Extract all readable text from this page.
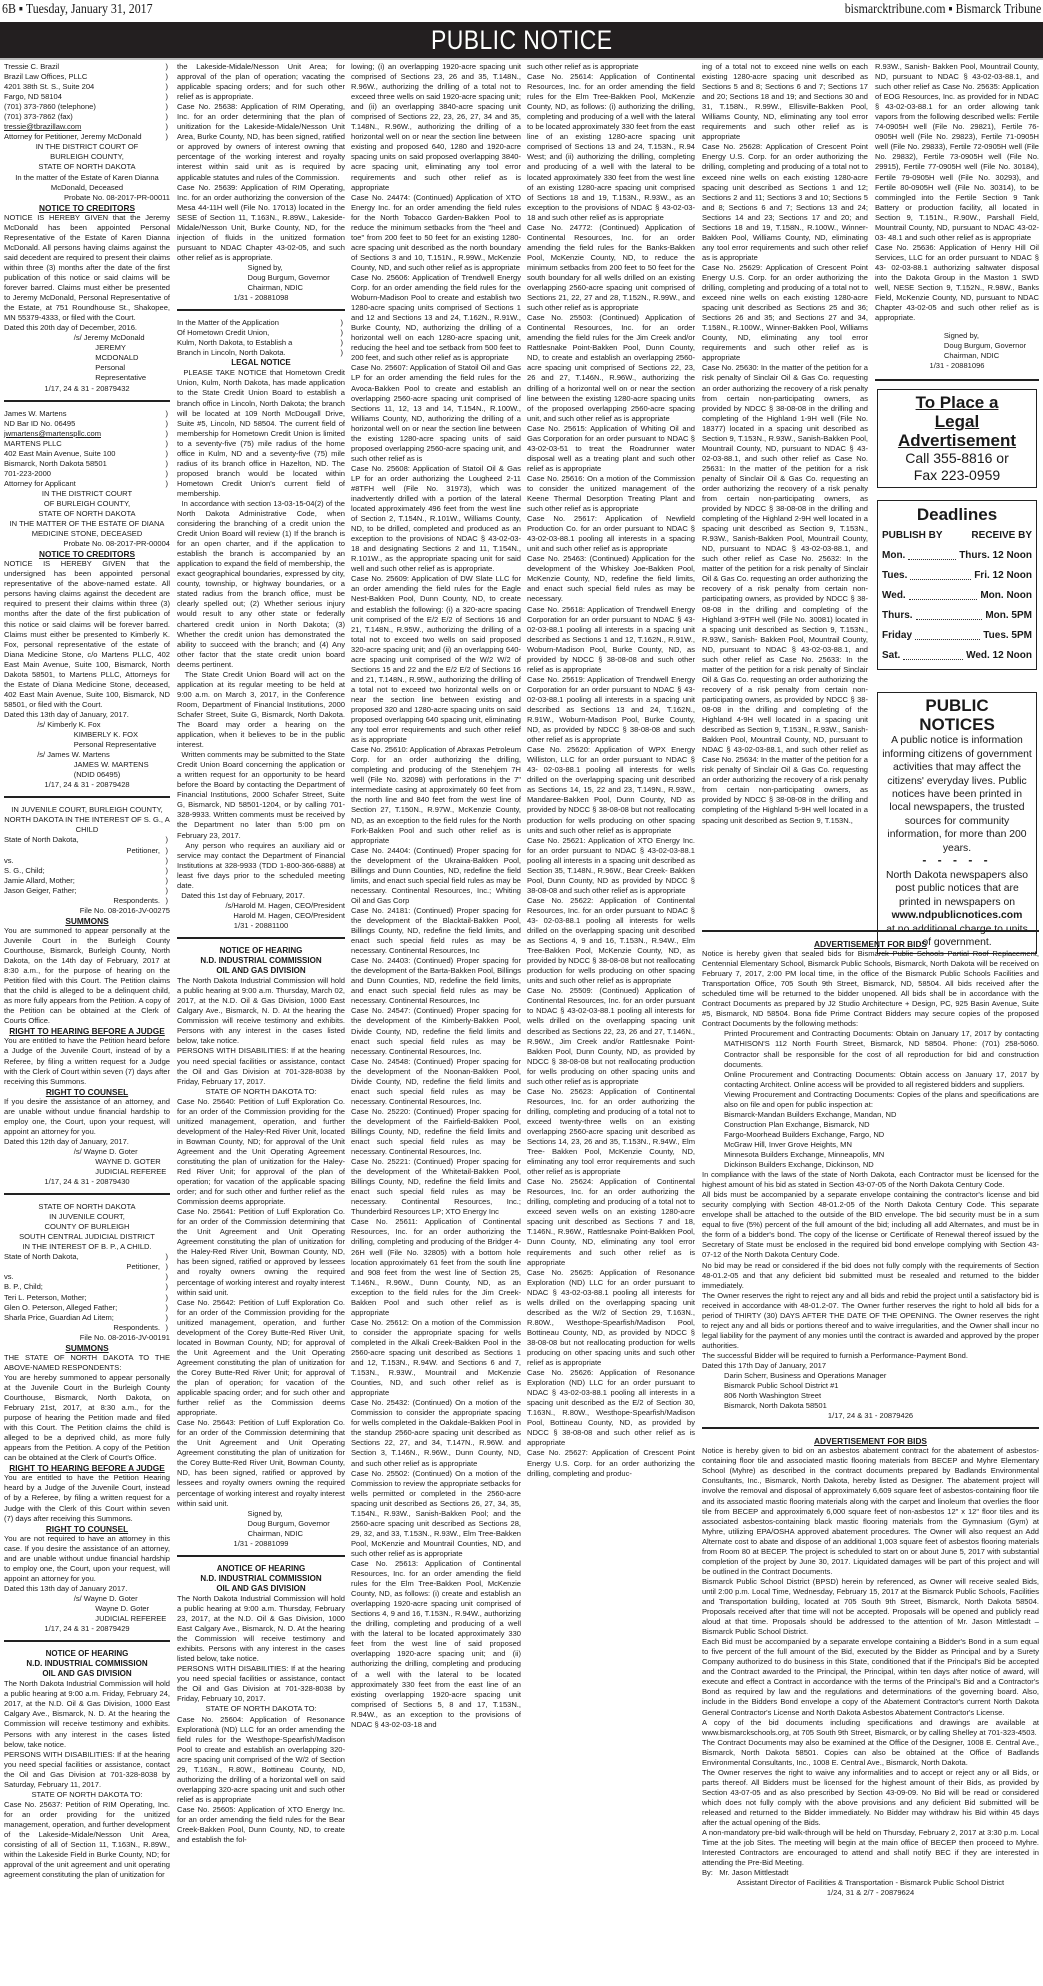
6B ▪ Tuesday, January 31, 2017	bismarcktribune.com ▪ Bismarck Tribune
PUBLIC NOTICE
Tressie C. Brazil )
Brazil Law Offices, PLLC )
4201 38th St. S., Suite 204 )
Fargo, ND 58104 )
(701) 373-7860 (telephone) )
(701) 373-7862 (fax) )
tressie@tbrazillaw.com )
Attorney for Petitioner, Jeremy McDonald )
IN THE DISTRICT COURT OF
BURLEIGH COUNTY,
STATE OF NORTH DAKOTA
In the matter of the Estate of Karen Dianna McDonald, Deceased
Probate No. 08-2017-PR-00011
NOTICE TO CREDITORS
NOTICE IS HEREBY GIVEN that the Jeremy McDonald has been appointed Personal Representative of the Estate of Karen Dianna McDonald. All persons having claims against the said decedent are required to present their claims within three (3) months after the date of the first publication of this notice or said claims will be forever barred. Claims must either be presented to Jeremy McDonald, Personal Representative of the Estate, at 751 Roundhouse St., Shakopee, MN 55379-4333, or filed with the Court.
Dated this 20th day of December, 2016.
/s/ Jeremy McDonald
JEREMY MCDONALD
Personal Representative
1/17, 24 & 31 - 20879432
James W. Martens )
ND Bar ID No. 06495 )
jwmartens@martenspllc.com )
MARTENS PLLC )
402 East Main Avenue, Suite 100 )
Bismarck, North Dakota 58501 )
701-223-2000 )
Attorney for Applicant )
IN THE DISTRICT COURT
OF BURLEIGH COUNTY,
STATE OF NORTH DAKOTA
IN THE MATTER OF THE ESTATE OF DIANA MEDICINE STONE, DECEASED
Probate No. 08-2017-PR-00004
NOTICE TO CREDITORS
NOTICE IS HEREBY GIVEN that the undersigned has been appointed personal representative of the above-named estate. All persons having claims against the decedent are required to present their claims within three (3) months after the date of the first publication of this notice or said claims will be forever barred. Claims must either be presented to Kimberly K. Fox, personal representative of the estate of Diana Medicine Stone, c/o Martens PLLC, 402 East Main Avenue, Suite 100, Bismarck, North Dakota 58501, to Martens PLLC, Attorneys for the Estate of Diana Medicine Stone, deceased, 402 East Main Avenue, Suite 100, Bismarck, ND 58501, or filed with the Court.
Dated this 13th day of January, 2017.
/s/ Kimberly K. Fox
KIMBERLY K. FOX
Personal Representative
/s/ James W. Martens
JAMES W. MARTENS (NDID 06495)
1/17, 24 & 31 - 20879428
IN JUVENILE COURT, BURLEIGH COUNTY, NORTH DAKOTA IN THE INTEREST OF S. G., A CHILD
State of North Dakota, )
Petitioner, )
vs. )
S. G., Child; )
Jamie Allard, Mother; )
Jason Geiger, Father; )
Respondents. )
File No. 08-2016-JV-00275
SUMMONS
You are summoned to appear personally at the Juvenile Court in the Burleigh County Courthouse, Bismarck, Burleigh County, North Dakota, on the 14th day of February, 2017 at 8:30 a.m., for the purpose of hearing on the Petition filed with this Court. The Petition claims that the child is alleged to be a delinquent child, as more fully appears from the Petition. A copy of the Petition can be obtained at the Clerk of Courts Office.
RIGHT TO HEARING BEFORE A JUDGE
You are entitled to have the Petition heard before a Judge of the Juvenile Court, instead of by a Referee, by filing a written request for a Judge with the Clerk of Court within seven (7) days after receiving this Summons.
RIGHT TO COUNSEL
If you desire the assistance of an attorney, and are unable without undue financial hardship to employ one, the Court, upon your request, will appoint an attorney for you.
Dated this 12th day of January, 2017.
/s/ Wayne D. Goter
WAYNE D. GOTER
JUDICIAL REFEREE
1/17, 24 & 31 - 20879430
STATE OF NORTH DAKOTA
IN JUVENILE COURT,
COUNTY OF BURLEIGH
SOUTH CENTRAL JUDICIAL DISTRICT
IN THE INTEREST OF B. P., A CHILD.
State of North Dakota, )
Petitioner, )
vs. )
B. P., Child; )
Teri L. Peterson, Mother; )
Glen O. Peterson, Alleged Father; )
Sharla Price, Guardian Ad Litem; )
Respondents. )
File No. 08-2016-JV-00191
SUMMONS
THE STATE OF NORTH DAKOTA TO THE ABOVE-NAMED RESPONDENTS:
You are hereby summoned to appear personally at the Juvenile Court in the Burleigh County Courthouse, Bismarck, North Dakota, on February 21st, 2017, at 8:30 a.m., for the purpose of hearing the Petition made and filed with this Court. The Petition claims the child is alleged to be a deprived child, as more fully appears from the Petition. A copy of the Petition can be obtained at the Clerk of Court's Office.
RIGHT TO HEARING BEFORE A JUDGE
You are entitled to have the Petition Hearing heard by a Judge of the Juvenile Court, instead of by a Referee, by filing a written request for a Judge with the Clerk of this Court within seven (7) days after receiving this Summons.
RIGHT TO COUNSEL
You are not required to have an attorney in this case. If you desire the assistance of an attorney, and are unable without undue financial hardship to employ one, the Court, upon your request, will appoint an attorney for you.
Dated this 13th day of January 2017.
/s/ Wayne D. Goter
Wayne D. Goter
JUDICIAL REFEREE
1/17, 24 & 31 - 20879429
NOTICE OF HEARING
N.D. INDUSTRIAL COMMISSION
OIL AND GAS DIVISION
The North Dakota Industrial Commission will hold a public hearing at 9:00 a.m. Friday, February 24, 2017, at the N.D. Oil & Gas Division, 1000 East Calgary Ave., Bismarck, N. D. At the hearing the Commission will receive testimony and exhibits. Persons with any interest in the cases listed below, take notice.
PERSONS WITH DISABILITIES: If at the hearing you need special facilities or assistance, contact the Oil and Gas Division at 701-328-8038 by Saturday, February 11, 2017.
STATE OF NORTH DAKOTA TO:
Case No. 25637: Petition of RIM Operating, Inc. for an order providing for the unitized management, operation, and further development of the Lakeside-Midale/Nesson Unit Area, consisting of all of Section 11, T.163N., R.89W., within the Lakeside Field in Burke County, ND; for approval of the unit agreement and unit operating agreement constituting the plan of unitization for
the Lakeside-Midale/Nesson Unit Area; for approval of the plan of operation; vacating the applicable spacing orders; and for such other relief as is appropriate.
Case No. 25638: Application of RIM Operating, Inc. for an order determining that the plan of unitization for the Lakeside-Midale/Nesson Unit Area, Burke County, ND, has been signed, ratified or approved by owners of interest owning that percentage of the working interest and royalty interest within said unit as is required by applicable statutes and rules of the Commission.
Case No. 25639: Application of RIM Operating, Inc. for an order authorizing the conversion of the Mesa 44-11H well (File No. 17013) located in the SESE of Section 11, T.163N., R.89W., Lakeside-Midale/Nesson Unit, Burke County, ND, for the injection of fluids in the unitized formation pursuant to NDAC Chapter 43-02-05, and such other relief as is appropriate.
Signed by,
Doug Burgum, Governor
Chairman, NDIC
1/31 - 20881098
In the Matter of the Application )
Of Hometown Credit Union, )
Kulm, North Dakota, to Establish a )
Branch in Lincoln, North Dakota. )
LEGAL NOTICE
PLEASE TAKE NOTICE that Hometown Credit Union, Kulm, North Dakota, has made application to the State Credit Union Board to establish a branch office in Lincoln, North Dakota; the branch will be located at 109 North McDougall Drive, Suite #5, Lincoln, ND 58504. The current field of membership for Hometown Credit Union is limited to a seventy-five (75) mile radius of the home office in Kulm, ND and a seventy-five (75) mile radius of its branch office in Hazelton, ND. The proposed branch would be located within Hometown Credit Union's current field of membership.
In accordance with section 13-03-15-04(2) of the North Dakota Administrative Code, when considering the branching of a credit union the Credit Union Board will review (1) If the branch is for an open charter, and if the application to establish the branch is accompanied by an application to expand the field of membership, the exact geographical boundaries, expressed by city, county, township, or highway boundaries, or a stated radius from the branch office, must be clearly spelled out; (2) Whether serious injury would result to any other state or federally chartered credit union in North Dakota; (3) Whether the credit union has demonstrated the ability to succeed with the branch; and (4) Any other factor that the state credit union board deems pertinent.
The State Credit Union Board will act on the application at its regular meeting to be held at 9:00 a.m. on March 3, 2017, in the Conference Room, Department of Financial Institutions, 2000 Schafer Street, Suite G, Bismarck, North Dakota. The Board may order a hearing on the application, when it believes to be in the public interest.
Written comments may be submitted to the State Credit Union Board concerning the application or a written request for an opportunity to be heard before the Board by contacting the Department of Financial Institutions, 2000 Schafer Street, Suite G, Bismarck, ND 58501-1204, or by calling 701-328-9933. Written comments must be received by the Department no later than 5:00 pm on February 23, 2017.
Any person who requires an auxiliary aid or service may contact the Department of Financial Institutions at 328-9933 (TDD 1-800-366-6888) at least five days prior to the scheduled meeting date.
Dated this 1st day of February, 2017.
/s/Harold M. Hagen, CEO/President
Harold M. Hagen, CEO/President
1/31 - 20881100
NOTICE OF HEARING
N.D. INDUSTRIAL COMMISSION
OIL AND GAS DIVISION
The North Dakota Industrial Commission will hold a public hearing at 9:00 a.m. Thursday, March 02, 2017, at the N.D. Oil & Gas Division, 1000 East Calgary Ave., Bismarck, N. D. At the hearing the Commission will receive testimony and exhibits. Persons with any interest in the cases listed below, take notice.
PERSONS WITH DISABILITIES: If at the hearing you need special facilities or assistance, contact the Oil and Gas Division at 701-328-8038 by Friday, February 17, 2017.
STATE OF NORTH DAKOTA TO:
Case No. 25640: Petition of Luff Exploration Co. for an order of the Commission providing for the unitized management, operation, and further development of the Haley-Red River Unit, located in Bowman County, ND; for approval of the Unit Agreement and the Unit Operating Agreement constituting the plan of unitization for the Haley-Red River Unit; for approval of the plan of operation; for vacation of the applicable spacing order; and for such other and further relief as the Commission deems appropriate.
Case No. 25641: Petition of Luff Exploration Co. for an order of the Commission determining that the Unit Agreement and Unit Operating Agreement constituting the plan of unitization for the Haley-Red River Unit, Bowman County, ND, has been signed, ratified or approved by lessees and royalty owners owning the required percentage of working interest and royalty interest within said unit.
Case No. 25642: Petition of Luff Exploration Co. for an order of the Commission providing for the unitized management, operation, and further development of the Corey Butte-Red River Unit, located in Bowman County, ND; for approval of the Unit Agreement and the Unit Operating Agreement constituting the plan of unitization for the Corey Butte-Red River Unit; for approval of the plan of operation; for vacation of the applicable spacing order; and for such other and further relief as the Commission deems appropriate.
Case No. 25643: Petition of Luff Exploration Co. for an order of the Commission determining that the Unit Agreement and Unit Operating Agreement constituting the plan of unitization for the Corey Butte-Red River Unit, Bowman County, ND, has been signed, ratified or approved by lessees and royalty owners owning the required percentage of working interest and royalty interest within said unit.
Signed by,
Doug Burgum, Governor
Chairman, NDIC
1/31 - 20881099
ANOTICE OF HEARING
N.D. INDUSTRIAL COMMISSION
OIL AND GAS DIVISION
The North Dakota Industrial Commission will hold a public hearing at 9:00 a.m. Thursday, February 23, 2017, at the N.D. Oil & Gas Division, 1000 East Calgary Ave., Bismarck, N. D. At the hearing the Commission will receive testimony and exhibits. Persons with any interest in the cases listed below, take notice.
PERSONS WITH DISABILITIES: If at the hearing you need special facilities or assistance, contact the Oil and Gas Division at 701-328-8038 by Friday, February 10, 2017.
STATE OF NORTH DAKOTA TO:
Case No. 25604: Application of Resonance Explorationà (ND) LLC for an order amending the field rules for the Westhope-Spearfish/Madison Pool to create and establish an overlapping 320-acre spacing unit comprised of the W/2 of Section 29, T.163N., R.80W., Bottineau County, ND, authorizing the drilling of a horizontal well on said overlapping 320-acre spacing unit and such other relief as is appropriate
Case No. 25605: Application of XTO Energy Inc. for an order amending the field rules for the Bear Creek-Bakken Pool, Dunn County, ND, to create and establish the fol-
lowing; (i) an overlapping 1920-acre spacing unit comprised of Sections 23, 26 and 35, T.148N., R.96W., authorizing the drilling of a total not to exceed three wells on said 1920-acre spacing unit; and (ii) an overlapping 3840-acre spacing unit comprised of Sections 22, 23, 26, 27, 34 and 35, T.148N., R.96W., authorizing the drilling of a horizontal well on or near the section line between existing and proposed 640, 1280 and 1920-acre spacing units on said proposed overlapping 3840-acre spacing unit, eliminating any tool error requirements and such other relief as is appropriate
Case No. 24474: (Continued) Application of XTO Energy Inc. for an order amending the field rules for the North Tobacco Garden-Bakken Pool to reduce the minimum setbacks from the "heel and toe" from 200 feet to 50 feet for an existing 1280-acre spacing unit described as the north boundary of Sections 3 and 10, T.151N., R.99W., McKenzie County, ND, and such other relief as is appropriate
Case No. 25606: Application of Trendwell Energy Corp. for an order amending the field rules for the Woburn-Madison Pool to create and establish two 1280-acre spacing units comprised of Sections 1 and 12 and Sections 13 and 24, T.162N., R.91W., Burke County, ND, authorizing the drilling of a horizontal well on each 1280-acre spacing unit, reducing the heel and toe setback from 500 feet to 200 feet, and such other relief as is appropriate
Case No. 25607: Application of Statoil Oil and Gas LP for an order amending the field rules for the Avoca-Bakken Pool to create and establish an overlapping 2560-acre spacing unit comprised of Sections 11, 12, 13 and 14, T.154N., R.100W., Williams County, ND, authorizing the drilling of a horizontal well on or near the section line between the existing 1280-acre spacing units of said proposed overlapping 2560-acre spacing unit, and such other relief as is
Case No. 25608: Application of Statoil Oil & Gas LP for an order authorizing the Lougheed 2-11 #8TFH well (File No. 31973), which was inadvertently drilled with a portion of the lateral located approximately 496 feet from the west line of Section 2, T.154N., R.101W., Williams County, ND, to be drilled, completed and produced as an exception to the provisions of NDAC § 43-02-03-18 and designating Sections 2 and 11, T.154N., R.101W., as the appropriate spacing unit for said well and such other relief as is appropriate.
Case No. 25609: Application of DW Slate LLC for an order amending the field rules for the Eagle Nest-Bakken Pool, Dunn County, ND, to create and establish the following: (i) a 320-acre spacing unit comprised of the E/2 E/2 of Sections 16 and 21, T.148N., R.95W., authorizing the drilling of a total not to exceed two wells on said proposed 320-acre spacing unit; and (ii) an overlapping 640-acre spacing unit comprised of the W/2 W/2 of Sections 15 and 22 and the E/2 E/2 of Sections 16 and 21, T.148N., R.95W., authorizing the drilling of a total not to exceed two horizontal wells on or near the section line between existing and proposed 320 and 1280-acre spacing units on said proposed overlapping 640 spacing unit, eliminating any tool error requirements and such other relief as is appropriate
Case No. 25610: Application of Abraxas Petroleum Corp. for an order authorizing the drilling, completing and producing of the Stenehjem 7H well (File No. 32098) with perforations in the 7" intermediate casing at approximately 60 feet from the north line and 840 feet from the west line of Section 27, T.150N., R.97W., McKenzie County, ND, as an exception to the field rules for the North Fork-Bakken Pool and such other relief as is appropriate
Case No. 24404: (Continued) Proper spacing for the development of the Ukraina-Bakken Pool, Billings and Dunn Counties, ND, redefine the field limits, and enact such special field rules as may be necessary. Continental Resources, Inc.; Whiting Oil and Gas Corp
Case No. 24181: (Continued) Proper spacing for the development of the Blacktail-Bakken Pool, Billings County, ND, redefine the field limits, and enact such special field rules as may be necessary. Continental Resources, Inc
Case No. 24403: (Continued) Proper spacing for the development of the Barta-Bakken Pool, Billings and Dunn Counties, ND, redefine the field limits, and enact such special field rules as may be necessary. Continental Resources, Inc
Case No. 24547: (Continued) Proper spacing for the development of the Kimberly-Bakken Pool, Divide County, ND, redefine the field limits and enact such special field rules as may be necessary. Continental Resources, Inc.
Case No. 24548: (Continued) Proper spacing for the development of the Noonan-Bakken Pool, Divide County, ND, redefine the field limits and enact such special field rules as may be necessary. Continental Resources, Inc.
Case No. 25220: (Continued) Proper spacing for the development of the Fairfield-Bakken Pool, Billings County, ND, redefine the field limits and enact such special field rules as may be necessary. Continental Resources, Inc.
Case No. 25221: (Continued) Proper spacing for the development of the Whitetail-Bakken Pool, Billings County, ND, redefine the field limits and enact such special field rules as may be necessary. Continental Resources, Inc.; Thunderbird Resources LP; XTO Energy Inc
Case No. 25611: Application of Continental Resources, Inc. for an order authorizing the drilling, completing and producing of the Bridger 4-26H well (File No. 32805) with a bottom hole location approximately 61 feet from the south line and 908 feet from the west line of Section 25, T.146N., R.96W., Dunn County, ND, as an exception to the field rules for the Jim Creek-Bakken Pool and such other relief as is appropriate
Case No. 25612: On a motion of the Commission to consider the appropriate spacing for wells completed in the Alkali Creek-Bakken Pool in the 2560-acre spacing unit described as Sections 1 and 12, T.153N., R.94W. and Sections 6 and 7, T.153N., R.93W., Mountrail and McKenzie Counties, ND, and such other relief as is appropriate
Case No. 25432: (Continued) On a motion of the Commission to consider the appropriate spacing for wells completed in the Oakdale-Bakken Pool in the standup 2560-acre spacing unit described as Sections 22, 27, and 34, T.147N., R.96W. and Section 3, T.146N., R.96W., Dunn County, ND, and such other relief as is appropriate
Case No. 25502: (Continued) On a motion of the Commission to review the appropriate setbacks for wells permitted or completed in the 2560-acre spacing unit described as Sections 26, 27, 34, 35, T.154N., R.93W., Sanish-Bakken Pool; and the 2560-acre spacing unit described as Sections 28, 29, 32, and 33, T.153N., R.93W., Elm Tree-Bakken Pool, McKenzie and Mountrail Counties, ND, and such other relief as is appropriate
Case No. 25613: Application of Continental Resources, Inc. for an order amending the field rules for the Elm Tree-Bakken Pool, McKenzie County, ND, as follows: (i) create and establish an overlapping 1920-acre spacing unit comprised of Sections 4, 9 and 16, T.153N., R.94W., authorizing the drilling, completing and producing of a well with the lateral to be located approximately 330 feet from the west line of said proposed overlapping 1920-acre spacing unit; and (ii) authorizing the drilling, completing and producing of a well with the lateral to be located approximately 330 feet from the east line of an existing overlapping 1920-acre spacing unit comprised of Sections 5, 8 and 17, T.153N., R.94W., as an exception to the provisions of NDAC § 43-02-03-18 and
such other relief as is appropriate
Case No. 25614: Application of Continental Resources, Inc. for an order amending the field rules for the Elm Tree-Bakken Pool, McKenzie County, ND, as follows: (i) authorizing the drilling, completing and producing of a well with the lateral to be located approximately 330 feet from the east line of an existing 1280-acre spacing unit comprised of Sections 13 and 24, T.153N., R.94 West; and (ii) authorizing the drilling, completing and producing of a well with the lateral to be located approximately 330 feet from the west line of an existing 1280-acre spacing unit comprised of Sections 18 and 19, T.153N., R.93W., as an exception to the provisions of NDAC § 43-02-03-18 and such other relief as is appropriate
Case No. 24772: (Continued) Application of Continental Resources, Inc. for an order amending the field rules for the Banks-Bakken Pool, McKenzie County, ND, to reduce the minimum setbacks from 200 feet to 50 feet for the south boundary for all wells drilled on an existing overlapping 2560-acre spacing unit comprised of Sections 21, 22, 27 and 28, T.152N., R.99W., and such other relief as is appropriate
Case No. 25503: (Continued) Application of Continental Resources, Inc. for an order amending the field rules for the Jim Creek and/or Rattlesnake Point-Bakken Pool, Dunn County, ND, to create and establish an overlapping 2560-acre spacing unit comprised of Sections 22, 23, 26 and 27, T.146N., R.96W., authorizing the drilling of a horizontal well on or near the section line between the existing 1280-acre spacing units of the proposed overlapping 2560-acre spacing unit, and such other relief as is appropriate
Case No. 25615: Application of Whiting Oil and Gas Corporation for an order pursuant to NDAC § 43-02-03-51 to treat the Roadrunner water disposal well as a treating plant and such other relief as is appropriate
Case No. 25616: On a motion of the Commission to consider the unitized management of the Keene Thermal Desorption Treating Plant and such other relief as is appropriate
Case No. 25617: Application of Newfield Production Co. for an order pursuant to NDAC § 43-02-03-88.1 pooling all interests in a spacing unit and such other relief as is appropriate
Case No. 25463: (Continued) Application for the development of the Whiskey Joe-Bakken Pool, McKenzie County, ND, redefine the field limits, and enact such special field rules as may be necessary.
Case No. 25618: Application of Trendwell Energy Corporation for an order pursuant to NDAC § 43-02-03-88.1 pooling all interests in a spacing unit described as Sections 1 and 12, T.162N., R.91W., Woburn-Madison Pool, Burke County, ND, as provided by NDCC § 38-08-08 and such other relief as is appropriate
Case No. 25619: Application of Trendwell Energy Corporation for an order pursuant to NDAC § 43-02-03-88.1 pooling all interests in a spacing unit described as Sections 13 and 24, T.162N., R.91W., Woburn-Madison Pool, Burke County, ND, as provided by NDCC § 38-08-08 and such other relief as is appropriate
Case No. 25620: Application of WPX Energy Williston, LLC for an order pursuant to NDAC § 43- 02-03-88.1 pooling all interests for wells drilled on the overlapping spacing unit described as Sections 14, 15, 22 and 23, T.149N., R.93W., Mandaree-Bakken Pool, Dunn County, ND as provided by NDCC § 38-08-08 but not reallocating production for wells producing on other spacing units and such other relief as is appropriate
Case No. 25621: Application of XTO Energy Inc. for an order pursuant to NDAC § 43-02-03-88.1 pooling all interests in a spacing unit described as Section 35, T.148N., R.96W., Bear Creek- Bakken Pool, Dunn County, ND as provided by NDCC § 38-08-08 and such other relief as is appropriate
Case No. 25622: Application of Continental Resources, Inc. for an order pursuant to NDAC § 43- 02-03-88.1 pooling all interests for wells drilled on the overlapping spacing unit described as Sections 4, 9 and 16, T.153N., R.94W., Elm Tree-Bakken Pool, McKenzie County, ND, as provided by NDCC § 38-08-08 but not reallocating production for wells producing on other spacing units and such other relief as is appropriate
Case No. 25509: (Continued) Application of Continental Resources, Inc. for an order pursuant to NDAC § 43-02-03-88.1 pooling all interests for wells drilled on the overlapping spacing unit described as Sections 22, 23, 26 and 27, T.146N., R.96W., Jim Creek and/or Rattlesnake Point- Bakken Pool, Dunn County, ND, as provided by NDCC § 38-08-08 but not reallocating production for wells producing on other spacing units and such other relief as is appropriate
Case No. 25623: Application of Continental Resources, Inc. for an order authorizing the drilling, completing and producing of a total not to exceed twenty-three wells on an existing overlapping 2560-acre spacing unit described as Sections 14, 23, 26 and 35, T.153N., R.94W., Elm Tree- Bakken Pool, McKenzie County, ND, eliminating any tool error requirements and such other relief as is appropriate
Case No. 25624: Application of Continental Resources, Inc. for an order authorizing the drilling, completing and producing of a total not to exceed seven wells on an existing 1280-acre spacing unit described as Sections 7 and 18, T.146N., R.96W., Rattlesnake Point-Bakken Pool, Dunn County, ND, eliminating any tool error requirements and such other relief as is appropriate
Case No. 25625: Application of Resonance Exploration (ND) LLC for an order pursuant to NDAC § 43-02-03-88.1 pooling all interests for wells drilled on the overlapping spacing unit described as the W/2 of Section 29, T.163N., R.80W., Westhope-Spearfish/Madison Pool, Bottineau County, ND, as provided by NDCC § 38-08-08 but not reallocating production for wells producing on other spacing units and such other relief as is appropriate
Case No. 25626: Application of Resonance Exploration (ND) LLC for an order pursuant to NDAC § 43-02-03-88.1 pooling all interests in a spacing unit described as the E/2 of Section 30, T.163N., R.80W., Westhope-Spearfish/Madison Pool, Bottineau County, ND, as provided by NDCC § 38-08-08 and such other relief as is appropriate
Case No. 25627: Application of Crescent Point Energy U.S. Corp. for an order authorizing the drilling, completing and produc-
ing of a total not to exceed nine wells on each existing 1280-acre spacing unit described as Sections 5 and 8; Sections 6 and 7; Sections 17 and 20; Sections 18 and 19; and Sections 30 and 31, T.158N., R.99W., Ellisville-Bakken Pool, Williams County, ND, eliminating any tool error requirements and such other relief as is appropriate
Case No. 25628: Application of Crescent Point Energy U.S. Corp. for an order authorizing the drilling, completing and producing of a total not to exceed nine wells on each existing 1280-acre spacing unit described as Sections 1 and 12; Sections 2 and 11; Sections 3 and 10; Sections 5 and 8; Sections 6 and 7; Sections 13 and 24; Sections 14 and 23; Sections 17 and 20; and Sections 18 and 19, T.158N., R.100W., Winner-Bakken Pool, Williams County, ND, eliminating any tool error requirements and such other relief as is appropriate
Case No. 25629: Application of Crescent Point Energy U.S. Corp. for an order authorizing the drilling, completing and producing of a total not to exceed nine wells on each existing 1280-acre spacing unit described as Sections 25 and 36; Sections 26 and 35; and Sections 27 and 34, T.158N., R.100W., Winner-Bakken Pool, Williams County, ND, eliminating any tool error requirements and such other relief as is appropriate
Case No. 25630: In the matter of the petition for a risk penalty of Sinclair Oil & Gas Co. requesting an order authorizing the recovery of a risk penalty from certain non-participating owners, as provided by NDCC § 38-08-08 in the drilling and completing of the Highland 1-9H well (File No. 18377) located in a spacing unit described as Section 9, T.153N., R.93W., Sanish-Bakken Pool, Mountrail County, ND, pursuant to NDAC § 43-02-03-88.1, and such other relief as Case No. 25631: In the matter of the petition for a risk penalty of Sinclair Oil & Gas Co. requesting an order authorizing the recovery of a risk penalty from certain non-participating owners, as provided by NDCC § 38-08-08 in the drilling and completing of the Highland 2-9H well located in a spacing unit described as Section 9, T.153N., R.93W., Sanish-Bakken Pool, Mountrail County, ND, pursuant to NDAC § 43-02-03-88.1, and such other relief as Case No. 25632: In the matter of the petition for a risk penalty of Sinclair Oil & Gas Co. requesting an order authorizing the recovery of a risk penalty from certain non-participating owners, as provided by NDCC § 38-08-08 in the drilling and completing of the Highland 3-9TFH well (File No. 30081) located in a spacing unit described as Section 9, T.153N., R.93W., Sanish- Bakken Pool, Mountrail County, ND, pursuant to NDAC § 43-02-03-88.1, and such other relief as Case No. 25633: In the matter of the petition for a risk penalty of Sinclair Oil & Gas Co. requesting an order authorizing the recovery of a risk penalty from certain non-participating owners, as provided by NDCC § 38-08-08 in the drilling and completing of the Highland 4-9H well located in a spacing unit described as Section 9, T.153N., R.93W., Sanish-Bakken Pool, Mountrail County, ND, pursuant to NDAC § 43-02-03-88.1, and such other relief as Case No. 25634: In the matter of the petition for a risk penalty of Sinclair Oil & Gas Co. requesting an order authorizing the recovery of a risk penalty from certain non-participating owners, as provided by NDCC § 38-08-08 in the drilling and completing of the Highland 5-9H well located in a spacing unit described as Section 9, T.153N.,
R.93W., Sanish- Bakken Pool, Mountrail County, ND, pursuant to NDAC § 43-02-03-88.1, and such other relief as Case No. 25635: Application of EOG Resources, Inc. as provided for in NDAC § 43-02-03-88.1 for an order allowing tank vapors from the following described wells: Fertile 74-0905H well (File No. 29821), Fertile 76-0905H well (File No. 29823), Fertile 71-0905H well (File No. 29833), Fertile 72-0905H well (File No. 29832), Fertile 73-0905H well (File No. 29915), Fertile 77-0905H well (File No. 30184), Fertile 79-0905H well (File No. 30293), and Fertile 80-0905H well (File No. 30314), to be commingled into the Fertile Section 9 Tank Battery or production facility, all located in Section 9, T.151N., R.90W., Parshall Field, Mountrail County, ND, pursuant to NDAC 43-02-03- 48.1 and such other relief as is appropriate
Case No. 25636: Application of Henry Hill Oil Services, LLC for an order pursuant to NDAC § 43- 02-03-88.1 authorizing saltwater disposal into the Dakota Group in the Maston 1 SWD well, NESE Section 9, T.152N., R.98W., Banks Field, McKenzie County, ND, pursuant to NDAC Chapter 43-02-05 and such other relief as is appropriate.
Signed by,
Doug Burgum, Governor
Chairman, NDIC
1/31 - 20881096
To Place a
Legal Advertisement
Call 355-8816 or
Fax 223-0959
Deadlines
PUBLISH BY	RECEIVE BY
Mon.	Thurs. 12 Noon
Tues.	Fri. 12 Noon
Wed.	Mon. Noon
Thurs.	Mon. 5PM
Friday	Tues. 5PM
Sat.	Wed. 12 Noon
PUBLIC
NOTICES
A public notice is information informing citizens of government activities that may affect the citizens' everyday lives. Public notices have been printed in local newspapers, the trusted sources for community information, for more than 200 years.
- - - - -
North Dakota newspapers also post public notices that are printed in newspapers on
www.ndpublicnotices.com
at no additional charge to units of government.
ADVERTISEMENT FOR BIDS
Notice is hereby given that sealed bids for Bismarck Public Schools Partial Roof Replacement, Centennial Elementary School, Bismarck Public Schools, Bismarck, North Dakota will be received on February 7, 2017, 2:00 PM local time, in the office of the Bismarck Public Schools Facilities and Transportation Office, 705 South 9th Street, Bismarck, ND, 58504. All bids received after the scheduled time will be returned to the bidder unopened. All bids shall be in accordance with the Contract Documents as prepared by J2 Studio Architecture + Design, PC, 925 Basin Avenue, Suite #5, Bismarck, ND 58504. Bona fide Prime Contract Bidders may secure copies of the proposed Contract Documents by the following methods:
Printed Procurement and Contracting Documents: Obtain on January 17, 2017 by contacting MATHISON'S 112 North Fourth Street, Bismarck, ND 58504. Phone: (701) 258-5060. Contractor shall be responsible for the cost of all reproduction for bid and construction documents.
Online Procurement and Contracting Documents: Obtain access on January 17, 2017 by contacting Architect. Online access will be provided to all registered bidders and suppliers.
Viewing Procurement and Contracting Documents: Copies of the plans and specifications are also on file and open for public inspection at:
Bismarck-Mandan Builders Exchange, Mandan, ND
Construction Plan Exchange, Bismarck, ND
Fargo-Moorhead Builders Exchange, Fargo, ND
McGraw Hill, Inver Grove Heights, MN
Minnesota Builders Exchange, Minneapolis, MN
Dickinson Builders Exchange, Dickinson, ND
In compliance with the laws of the state of North Dakota, each Contractor must be licensed for the highest amount of his bid as stated in Section 43-07-05 of the North Dakota Century Code.
All bids must be accompanied by a separate envelope containing the contractor's license and bid security complying with Section 48-01.2-05 of the North Dakota Century Code. This separate envelope shall be attached to the outside of the BID envelope. The bid security must be in a sum equal to five (5%) percent of the full amount of the bid; including all add Alternates, and must be in the form of a bidder's bond. The copy of the license or Certificate of Renewal thereof issued by the Secretary of State must be enclosed in the required bid bond envelope complying with Section 43-07-12 of the North Dakota Century Code.
No bid may be read or considered if the bid does not fully comply with the requirements of Section 48-01.2-05 and that any deficient bid submitted must be resealed and returned to the bidder immediately.
The Owner reserves the right to reject any and all bids and rebid the project until a satisfactory bid is received in accordance with 48-01.2-07. The Owner further reserves the right to hold all bids for a period of THIRTY (30) DAYS AFTER THE DATE OF THE OPENING. The Owner reserves the right to reject any and all bids or portions thereof and to waive irregularities, and the Owner shall incur no legal liability for the payment of any monies until the contract is awarded and approved by the proper authorities.
The successful Bidder will be required to furnish a Performance-Payment Bond.
Dated this 17th Day of January, 2017
Darin Scherr, Business and Operations Manager
Bismarck Public School District #1
806 North Washington Street
Bismarck, North Dakota 58501
1/17, 24 & 31 - 20879426
ADVERTISEMENT FOR BIDS
Notice is hereby given to bid on an asbestos abatement contract for the abatement of asbestos-containing floor tile and associated mastic flooring materials from BECEP and Myhre Elementary School (Myhre) as described in the contract documents prepared by Badlands Environmental Consultants, Inc., Bismarck, North Dakota, hereby listed as Designer. The abatement project will involve the removal and disposal of approximately 6,609 square feet of asbestos-containing floor tile and its associated mastic flooring materials along with the carpet and linoleum that overlies the floor tile from BECEP and approximately 6,000 square feet of non-asbestos 12" x 12" floor tiles and its associated asbestos-containing black mastic flooring materials from the Gymnasium (Gym) at Myhre, utilizing EPA/OSHA approved abatement procedures. The Owner will also request an Add Alternate cost to abate and dispose of an additional 1,003 square feet of asbestos flooring materials from Room 80 at BECEP. The project is scheduled to start on or about June 5, 2017 with substantial completion of the project by June 30, 2017. Liquidated damages will be part of this project and will be outlined in the Contract Documents.
Bismarck Public School District (BPSD) herein by referenced, as Owner will receive sealed Bids, until 2:00 p.m. Local Time, Wednesday, February 15, 2017 at the Bismarck Public Schools, Facilities and Transportation building, located at 705 South 9th Street, Bismarck, North Dakota 58504. Proposals received after that time will not be accepted. Proposals will be opened and publicly read aloud at that time. Proposals should be addressed to the attention of Mr. Jason Mittlestadt – Bismarck Public School District.
Each Bid must be accompanied by a separate envelope containing a Bidder's Bond in a sum equal to five percent of the full amount of the Bid, executed by the Bidder as Principal and by a Surety Company authorized to do business in this State, conditioned that if the Principal's Bid be accepted and the Contract awarded to the Principal, the Principal, within ten days after notice of award, will execute and effect a Contract in accordance with the terms of the Principal's Bid and a Contractor's Bond as required by law and the regulations and determinations of the governing board. Also, include in the Bidders Bond envelope a copy of the Abatement Contractor's current North Dakota General Contractor's License and North Dakota Asbestos Abatement Contractor's License.
A copy of the bid documents including specifications and drawings are available at www.bismarckschools.org, at 705 South 9th Street, Bismarck, or by calling Shelley at 701-323-4503.
The Contract Documents may also be examined at the Office of the Designer, 1008 E. Central Ave., Bismarck, North Dakota 58501. Copies can also be obtained at the Office of Badlands Environmental Consultants, Inc., 1008 E. Central Ave., Bismarck, North Dakota.
The Owner reserves the right to waive any informalities and to accept or reject any or all Bids, or parts thereof. All Bidders must be licensed for the highest amount of their Bids, as provided by Section 43-07-05 and as also prescribed by Section 43-09-09. No Bid will be read or considered which does not fully comply with the above provisions and any deficient Bid submitted will be released and returned to the Bidder immediately. No Bidder may withdraw his Bid within 45 days after the actual opening of the Bids.
A non-mandatory pre-bid walk-through will be held on Thursday, February 2, 2017 at 3:30 p.m. Local Time at the job Sites. The meeting will begin at the main office of BECEP then proceed to Myhre. Interested Contractors are encouraged to attend and shall notify BEC if they are interested in attending the Pre-Bid Meeting.
By:   Mr. Jason Mittlestadt
Assistant Director of Facilities & Transportation - Bismarck Public School District
1/24, 31 & 2/7 - 20879624
